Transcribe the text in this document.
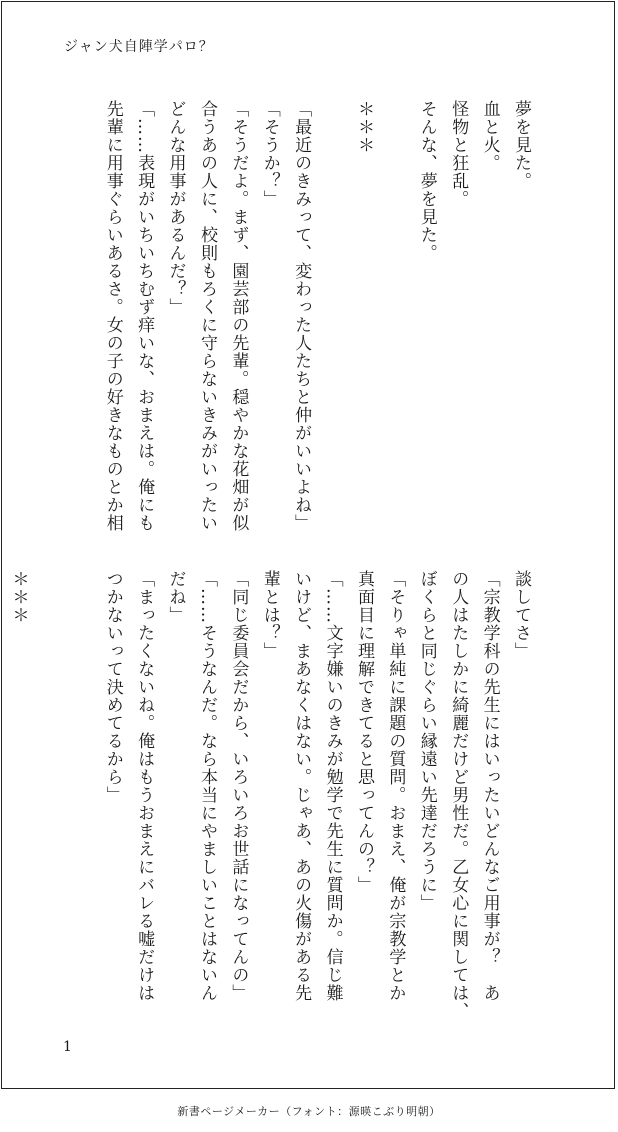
ジャン犬自陣学パロ？

夢を見た。
血と火。
怪物と狂乱。
そんな、夢を見た。

＊＊＊

「最近のきみって、変わった人たちと仲がいいよね」
「そうか？」
「そうだよ。まず、園芸部の先輩。穏やかな花畑が似
合うあの人に、校則もろくに守らないきみがいったい
どんな用事があるんだ？」
「……表現がいちいちむず痒いな、おまえは。俺にも
先輩に用事ぐらいあるさ。女の子の好きなものとか相

談してさ」
「宗教学科の先生にはいったいどんなご用事が？　あ
の人はたしかに綺麗だけど男性だ。乙女心に関しては、
ぼくらと同じぐらい縁遠い先達だろうに」
「そりゃ単純に課題の質問。おまえ、俺が宗教学とか
真面目に理解できてると思ってんの？」
「……文字嫌いのきみが勉学で先生に質問か。信じ難
いけど、まあなくはない。じゃあ、あの火傷がある先
輩とは？」
「同じ委員会だから、いろいろお世話になってんの」
「……そうなんだ。なら本当にやましいことはないん
だね」
「まったくないね。俺はもうおまえにバレる嘘だけは
つかないって決めてるから」

＊＊＊

1
新書ページメーカー（フォント：源暎こぶり明朝）
